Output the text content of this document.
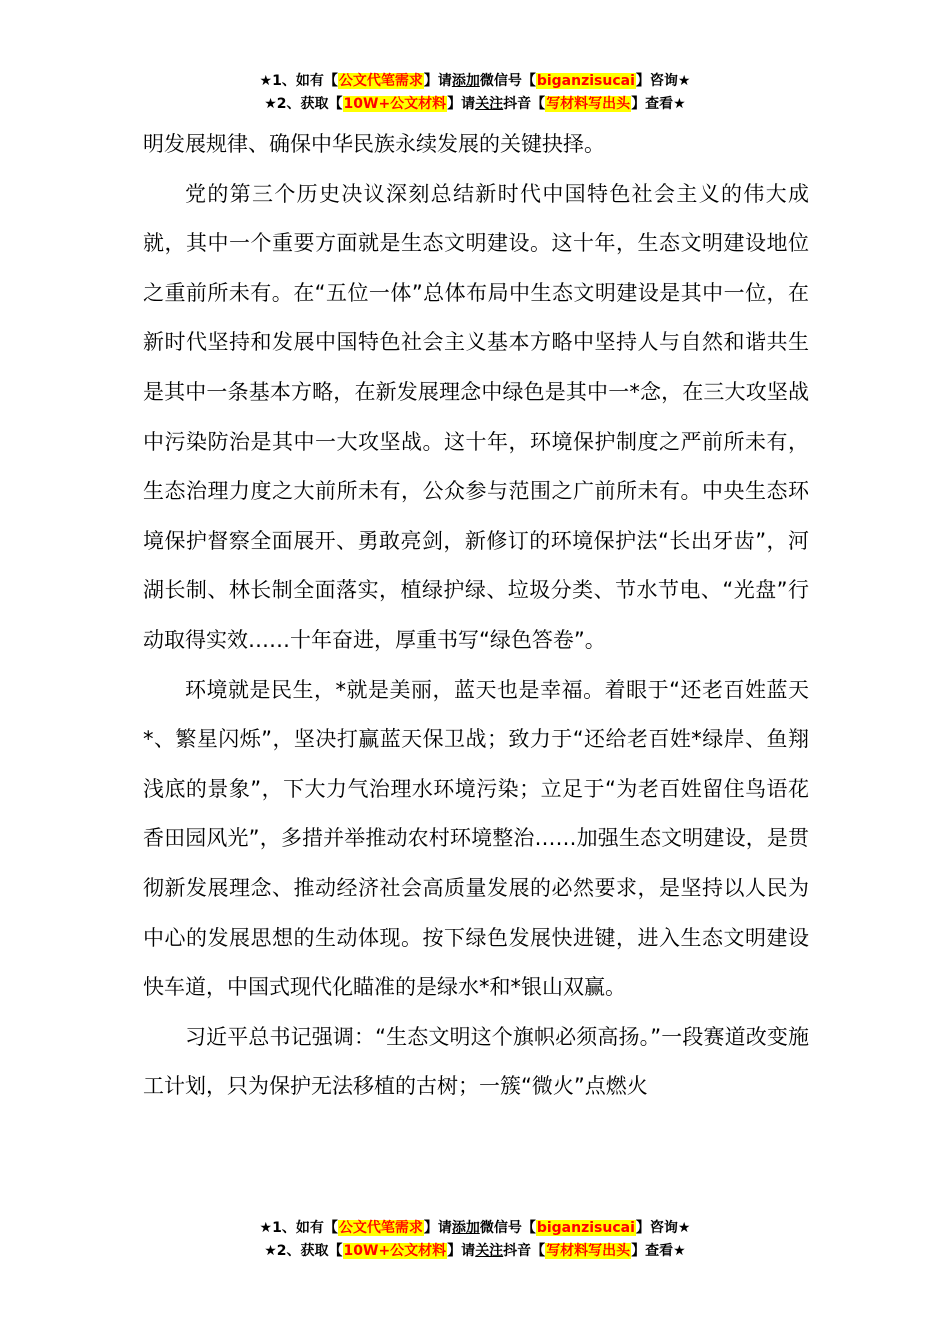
★1、如有【公文代笔需求】请添加微信号【biganzisucai】咨询★
★2、获取【10W+公文材料】请关注抖音【写材料写出头】查看★

明发展规律、确保中华民族永续发展的关键抉择。

党的第三个历史决议深刻总结新时代中国特色社会主义的伟大成就，其中一个重要方面就是生态文明建设。这十年，生态文明建设地位之重前所未有。在“五位一体”总体布局中生态文明建设是其中一位，在新时代坚持和发展中国特色社会主义基本方略中坚持人与自然和谐共生是其中一条基本方略，在新发展理念中绿色是其中一*念，在三大攻坚战中污染防治是其中一大攻坚战。这十年，环境保护制度之严前所未有，生态治理力度之大前所未有，公众参与范围之广前所未有。中央生态环境保护督察全面展开、勇敢亮剑，新修订的环境保护法“长出牙齿”，河湖长制、林长制全面落实，植绿护绿、垃圾分类、节水节电、“光盘”行动取得实效……十年奋进，厚重书写“绿色答卷”。

环境就是民生，*就是美丽，蓝天也是幸福。着眼于“还老百姓蓝天*、繁星闪烁”，坚决打赢蓝天保卫战；致力于“还给老百姓*绿岸、鱼翔浅底的景象”，下大力气治理水环境污染；立足于“为老百姓留住鸟语花香田园风光”，多措并举推动农村环境整治……加强生态文明建设，是贯彻新发展理念、推动经济社会高质量发展的必然要求，是坚持以人民为中心的发展思想的生动体现。按下绿色发展快进键，进入生态文明建设快车道，中国式现代化瞄准的是绿水*和*银山双赢。

习近平总书记强调：“生态文明这个旗帜必须高扬。”一段赛道改变施工计划，只为保护无法移植的古树；一簇“微火”点燃火

★1、如有【公文代笔需求】请添加微信号【biganzisucai】咨询★
★2、获取【10W+公文材料】请关注抖音【写材料写出头】查看★
